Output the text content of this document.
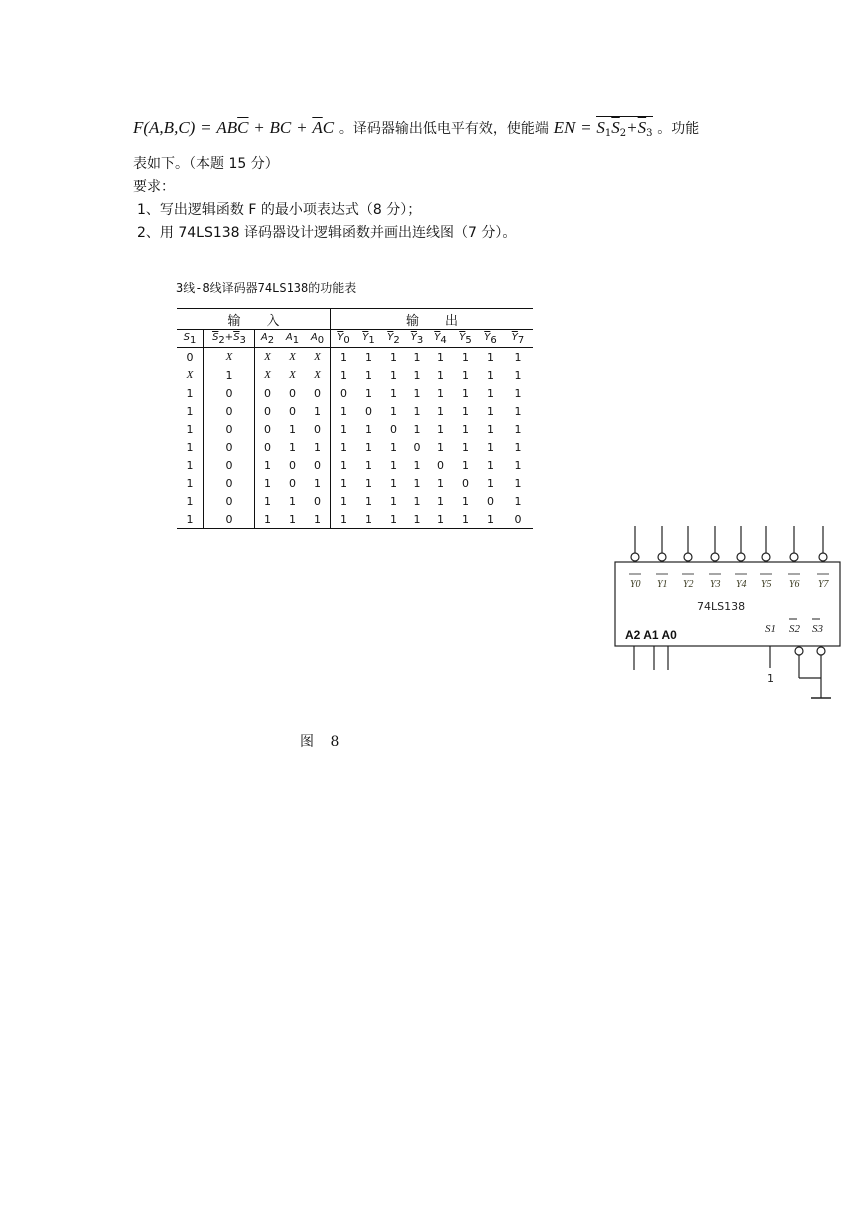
$F(A,B,C) = AB\overline{C}$ + BC + $\overline{A}C$ 。译码器输出低电平有效，使能端 EN = $S_1\overline{S}_2+\overline{S}_3$ 。功能
表如下。（本题 15 分）
要求：
1、写出逻辑函数 F 的最小项表达式（8 分）；
2、用 74LS138 译码器设计逻辑函数并画出连线图（7 分）。
3线-8线译码器74LS138的功能表
输　　入					输　　出							
S1	$\overline{S}2+\overline{S}3$	A2	A1	A0	$\overline{Y}0$	$\overline{Y}1$	$\overline{Y}2$	$\overline{Y}3$	$\overline{Y}4$	$\overline{Y}5$	$\overline{Y}6$	$\overline{Y}7$
0	X	X	X	X	1	1	1	1	1	1	1	1
X	1	X	X	X	1	1	1	1	1	1	1	1
1	0	0	0	0	0	1	1	1	1	1	1	1
1	0	0	0	1	1	0	1	1	1	1	1	1
1	0	0	1	0	1	1	0	1	1	1	1	1
1	0	0	1	1	1	1	1	0	1	1	1	1
1	0	1	0	0	1	1	1	1	0	1	1	1
1	0	1	0	1	1	1	1	1	1	0	1	1
1	0	1	1	0	1	1	1	1	1	1	0	1
1	0	1	1	1	1	1	1	1	1	1	1	0
Y0 Y1 Y2 Y3 Y4 Y5 Y6 Y7
74LS138
A2 A1 A0	S1 S2 S3
1
图 8
